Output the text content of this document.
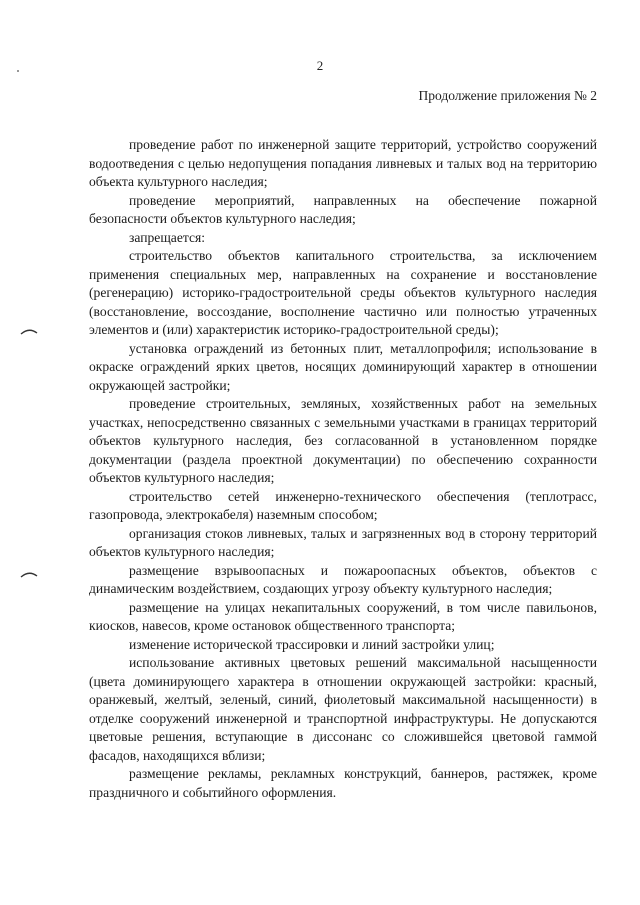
2
Продолжение приложения № 2

проведение работ по инженерной защите территорий, устройство сооружений водоотведения с целью недопущения попадания ливневых и талых вод на территорию объекта культурного наследия;

проведение мероприятий, направленных на обеспечение пожарной безопасности объектов культурного наследия;

запрещается:

строительство объектов капитального строительства, за исключением применения специальных мер, направленных на сохранение и восстановление (регенерацию) историко-градостроительной среды объектов культурного наследия (восстановление, воссоздание, восполнение частично или полностью утраченных элементов и (или) характеристик историко-градостроительной среды);

установка ограждений из бетонных плит, металлопрофиля; использование в окраске ограждений ярких цветов, носящих доминирующий характер в отношении окружающей застройки;

проведение строительных, земляных, хозяйственных работ на земельных участках, непосредственно связанных с земельными участками в границах территорий объектов культурного наследия, без согласованной в установленном порядке документации (раздела проектной документации) по обеспечению сохранности объектов культурного наследия;

строительство сетей инженерно-технического обеспечения (теплотрасс, газопровода, электрокабеля) наземным способом;

организация стоков ливневых, талых и загрязненных вод в сторону территорий объектов культурного наследия;

размещение взрывоопасных и пожароопасных объектов, объектов с динамическим воздействием, создающих угрозу объекту культурного наследия;

размещение на улицах некапитальных сооружений, в том числе павильонов, киосков, навесов, кроме остановок общественного транспорта;

изменение исторической трассировки и линий застройки улиц;

использование активных цветовых решений максимальной насыщенности (цвета доминирующего характера в отношении окружающей застройки: красный, оранжевый, желтый, зеленый, синий, фиолетовый максимальной насыщенности) в отделке сооружений инженерной и транспортной инфраструктуры. Не допускаются цветовые решения, вступающие в диссонанс со сложившейся цветовой гаммой фасадов, находящихся вблизи;

размещение рекламы, рекламных конструкций, баннеров, растяжек, кроме праздничного и событийного оформления.
